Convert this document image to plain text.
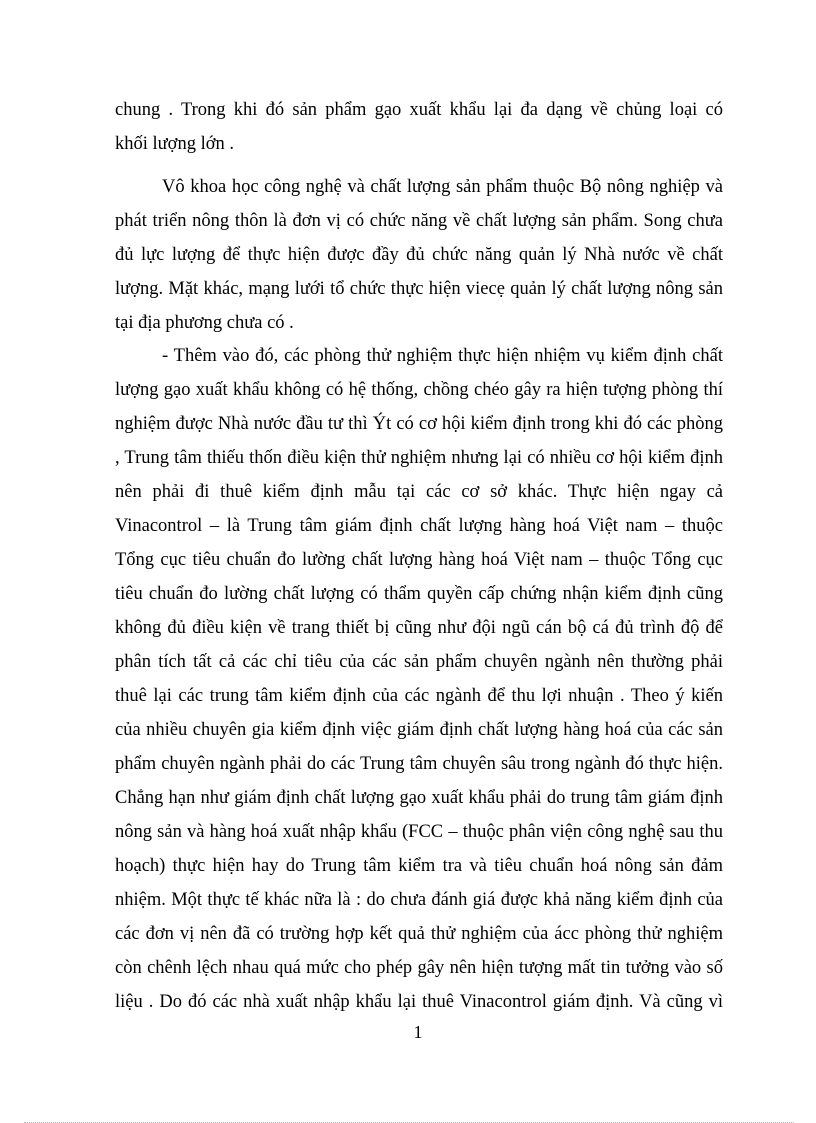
chung . Trong khi đó sản phẩm gạo xuất khẩu lại đa dạng về chủng loại có
khối lượng lớn .
Vô khoa học công nghệ và chất lượng sản phẩm thuộc Bộ nông nghiệp và
phát triển nông thôn là đơn vị có chức năng về chất lượng sản phẩm. Song chưa
đủ lực lượng để thực hiện được đầy đủ chức năng quản lý Nhà nước về chất
lượng. Mặt khác, mạng lưới tổ chức thực hiện viecẹ quản lý chất lượng nông sản
tại địa phương chưa có .
- Thêm vào đó, các phòng thử nghiệm thực hiện nhiệm vụ kiểm định chất
lượng gạo xuất khẩu không có hệ thống, chồng chéo gây ra hiện tượng phòng thí
nghiệm được Nhà nước đầu tư thì Ýt có cơ hội kiểm định trong khi đó các phòng
, Trung tâm thiếu thốn điều kiện thử nghiệm nhưng lại có nhiều cơ hội kiểm định
nên phải đi thuê kiểm định mẫu tại các cơ sở khác. Thực hiện ngay cả
Vinacontrol – là Trung tâm giám định chất lượng hàng hoá Việt nam – thuộc
Tổng cục tiêu chuẩn đo lường chất lượng hàng hoá Việt nam – thuộc Tổng cục
tiêu chuẩn đo lường chất lượng có thẩm quyền cấp chứng nhận kiểm định cũng
không đủ điều kiện về trang thiết bị cũng như đội ngũ cán bộ cá đủ trình độ để
phân tích tất cả các chỉ tiêu của các sản phẩm chuyên ngành nên thường phải
thuê lại các trung tâm kiểm định của các ngành để thu lợi nhuận . Theo ý kiến
của nhiều chuyên gia kiểm định việc giám định chất lượng hàng hoá của các sản
phẩm chuyên ngành phải do các Trung tâm chuyên sâu trong ngành đó thực hiện.
Chẳng hạn như giám định chất lượng gạo xuất khẩu phải do trung tâm giám định
nông sản và hàng hoá xuất nhập khẩu (FCC – thuộc phân viện công nghệ sau thu
hoạch) thực hiện hay do Trung tâm kiểm tra và tiêu chuẩn hoá nông sản đảm
nhiệm. Một thực tế khác nữa là : do chưa đánh giá được khả năng kiểm định của
các đơn vị nên đã có trường hợp kết quả thử nghiệm của ácc phòng thử nghiệm
còn chênh lệch nhau quá mức cho phép gây nên hiện tượng mất tin tưởng vào số
liệu . Do đó các nhà xuất nhập khẩu lại thuê Vinacontrol giám định. Và cũng vì
1
